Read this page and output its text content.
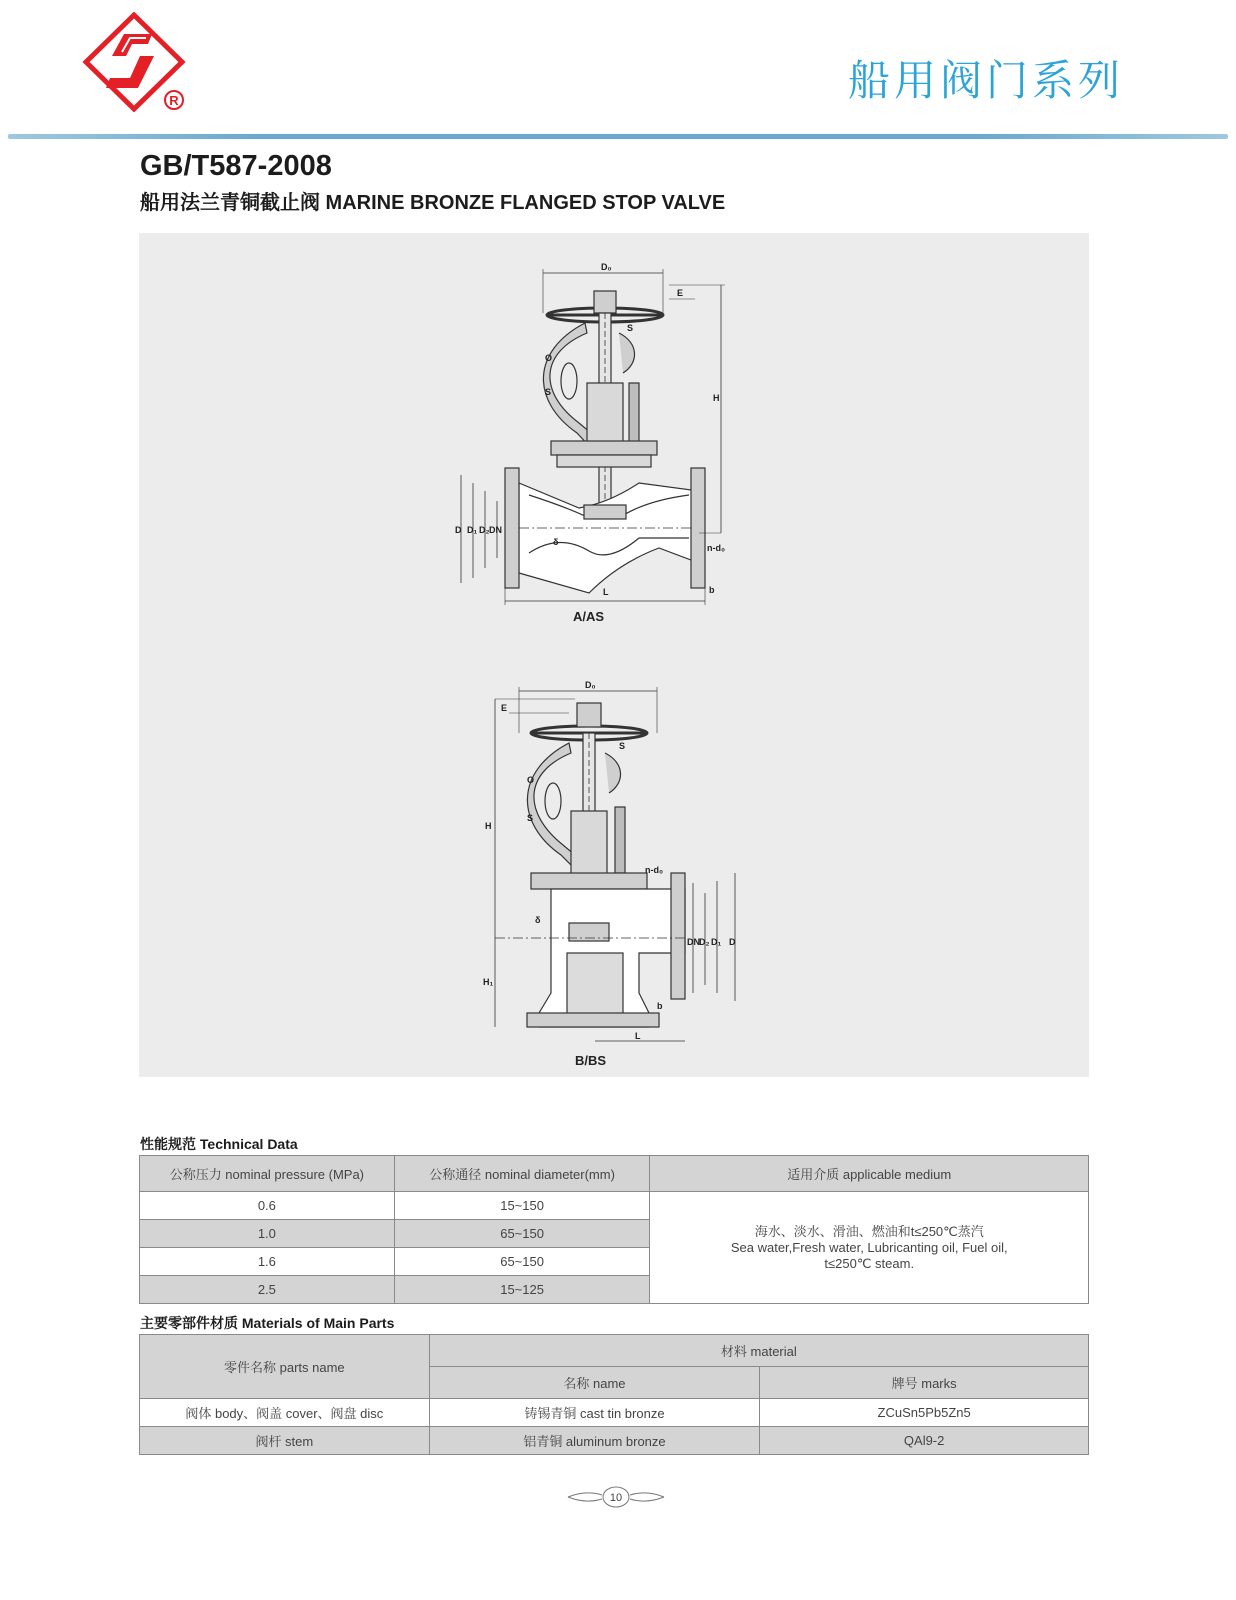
R	船用阀门系列
GB/T587-2008
船用法兰青铜截止阀 MARINE BRONZE FLANGED STOP VALVE
D₀
E
H
O
S
S
D D₁ D₂ DN
δ
L	b
n-d₀
D₀
E
H
H₁
O
S
S
δ
DN D₂ D₁ D
b
L
n-d₀
A/AS
B/BS
性能规范 Technical Data
公称压力 nominal pressure (MPa)	公称通径 nominal diameter(mm)	适用介质 applicable medium
0.6	15~150	海水、淡水、滑油、燃油和t≤250℃蒸汽
Sea water,Fresh water, Lubricanting oil, Fuel oil,
t≤250℃ steam.

1.0	65~150	
1.6	65~150	
2.5	15~125	
主要零部件材质 Materials of Main Parts
零件名称 parts name	材料 material	
	名称 name	牌号 marks
阀体 body、阀盖 cover、阀盘 disc	铸锡青铜 cast tin bronze	ZCuSn5Pb5Zn5
阀杆 stem	铝青铜 aluminum bronze	QAl9-2
10
